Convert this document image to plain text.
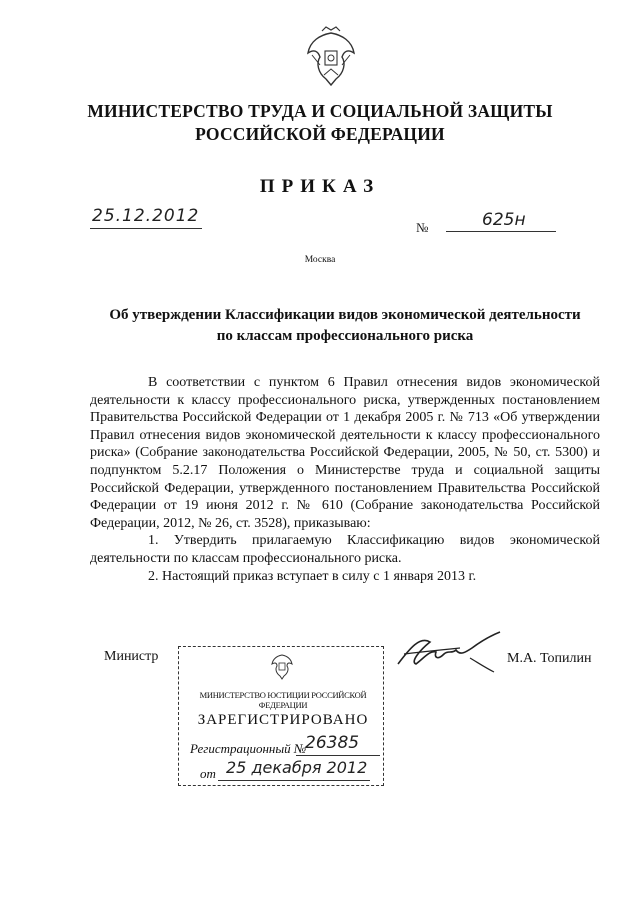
МИНИСТЕРСТВО ТРУДА И СОЦИАЛЬНОЙ ЗАЩИТЫ
РОССИЙСКОЙ ФЕДЕРАЦИИ
ПРИКАЗ
25.12.2012
№	625н
Москва
Об утверждении Классификации видов экономической деятельности
по классам профессионального риска

В соответствии с пунктом 6 Правил отнесения видов экономической деятельности к классу профессионального риска, утвержденных постановлением Правительства Российской Федерации от 1 декабря 2005 г. № 713 «Об утверждении Правил отнесения видов экономической деятельности к классу профессионального риска» (Собрание законодательства Российской Федерации, 2005, № 50, ст. 5300) и подпунктом 5.2.17 Положения о Министерстве труда и социальной защиты Российской Федерации, утвержденного постановлением Правительства Российской Федерации от 19 июня 2012 г. № 610 (Собрание законодательства Российской Федерации, 2012, № 26, ст. 3528), приказываю:

1. Утвердить прилагаемую Классификацию видов экономической деятельности по классам профессионального риска.

2. Настоящий приказ вступает в силу с 1 января 2013 г.

Министр	М.А. Топилин
МИНИСТЕРСТВО ЮСТИЦИИ РОССИЙСКОЙ ФЕДЕРАЦИИ
ЗАРЕГИСТРИРОВАНО
Регистрационный №
26385
от 25 декабря 2012
